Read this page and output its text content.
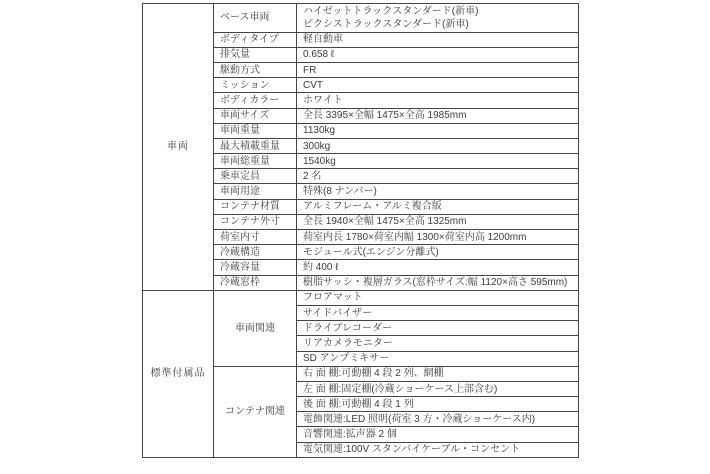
車両	ベース車両	ハイゼットトラックスタンダード(新車)
ピクシストラックスタンダード(新車)

	ボディタイプ	軽自動車
	排気量	0.658 ℓ
	駆動方式	FR
	ミッション	CVT
	ボディカラー	ホワイト
	車両サイズ	全長 3395×全幅 1475×全高 1985mm
	車両重量	1130kg
	最大積載重量	300kg
	車両総重量	1540kg
	乗車定員	2 名
	車両用途	特殊(8 ナンバー)
	コンテナ材質	アルミフレーム・アルミ複合版
	コンテナ外寸	全長 1940×全幅 1475×全高 1325mm
	荷室内寸	荷室内長 1780×荷室内幅 1300×荷室内高 1200mm
	冷蔵構造	モジュール式(エンジン分離式)
	冷蔵容量	約 400 ℓ
	冷蔵窓枠	樹脂サッシ・複層ガラス(窓枠サイズ:幅 1120×高さ 595mm)
標準付属品	車両関連	フロアマット
		サイドバイザー
		ドライブレコーダー
		リアカメラモニター
		SD アンプミキサー
	コンテナ関連	右 面 棚:可動棚 4 段 2 列、網棚
		左 面 棚:固定棚(冷蔵ショーケース上部含む)
		後 面 棚:可動棚 4 段 1 列
		電飾関連:LED 照明(荷室 3 方・冷蔵ショーケース内)
		音響関連:拡声器 2 個
		電気関連:100V スタンバイケーブル・コンセント
